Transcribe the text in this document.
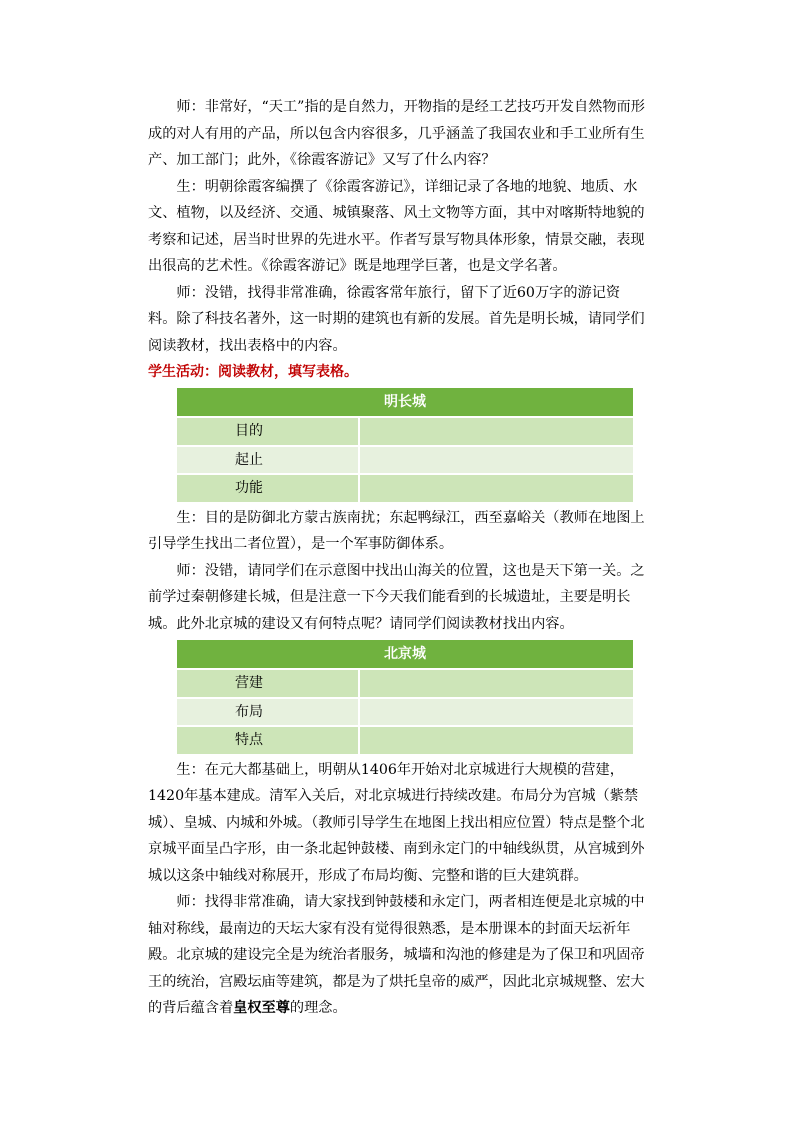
师：非常好，“天工”指的是自然力，开物指的是经工艺技巧开发自然物而形成的对人有用的产品，所以包含内容很多，几乎涵盖了我国农业和手工业所有生产、加工部门；此外，《徐霞客游记》又写了什么内容？

生：明朝徐霞客编撰了《徐霞客游记》，详细记录了各地的地貌、地质、水文、植物，以及经济、交通、城镇聚落、风土文物等方面，其中对喀斯特地貌的考察和记述，居当时世界的先进水平。作者写景写物具体形象，情景交融，表现出很高的艺术性。《徐霞客游记》既是地理学巨著，也是文学名著。

师：没错，找得非常准确，徐霞客常年旅行，留下了近60万字的游记资料。除了科技名著外，这一时期的建筑也有新的发展。首先是明长城，请同学们阅读教材，找出表格中的内容。

学生活动：阅读教材，填写表格。

明长城	
目的	
起止	
功能	

生：目的是防御北方蒙古族南扰；东起鸭绿江，西至嘉峪关（教师在地图上引导学生找出二者位置），是一个军事防御体系。

师：没错，请同学们在示意图中找出山海关的位置，这也是天下第一关。之前学过秦朝修建长城，但是注意一下今天我们能看到的长城遗址，主要是明长城。此外北京城的建设又有何特点呢？请同学们阅读教材找出内容。

北京城	
营建	
布局	
特点	

生：在元大都基础上，明朝从1406年开始对北京城进行大规模的营建，1420年基本建成。清军入关后，对北京城进行持续改建。布局分为宫城（紫禁城）、皇城、内城和外城。（教师引导学生在地图上找出相应位置）特点是整个北京城平面呈凸字形，由一条北起钟鼓楼、南到永定门的中轴线纵贯，从宫城到外城以这条中轴线对称展开，形成了布局均衡、完整和谐的巨大建筑群。

师：找得非常准确，请大家找到钟鼓楼和永定门，两者相连便是北京城的中轴对称线，最南边的天坛大家有没有觉得很熟悉，是本册课本的封面天坛祈年殿。北京城的建设完全是为统治者服务，城墙和沟池的修建是为了保卫和巩固帝王的统治，宫殿坛庙等建筑，都是为了烘托皇帝的威严，因此北京城规整、宏大的背后蕴含着皇权至尊的理念。
